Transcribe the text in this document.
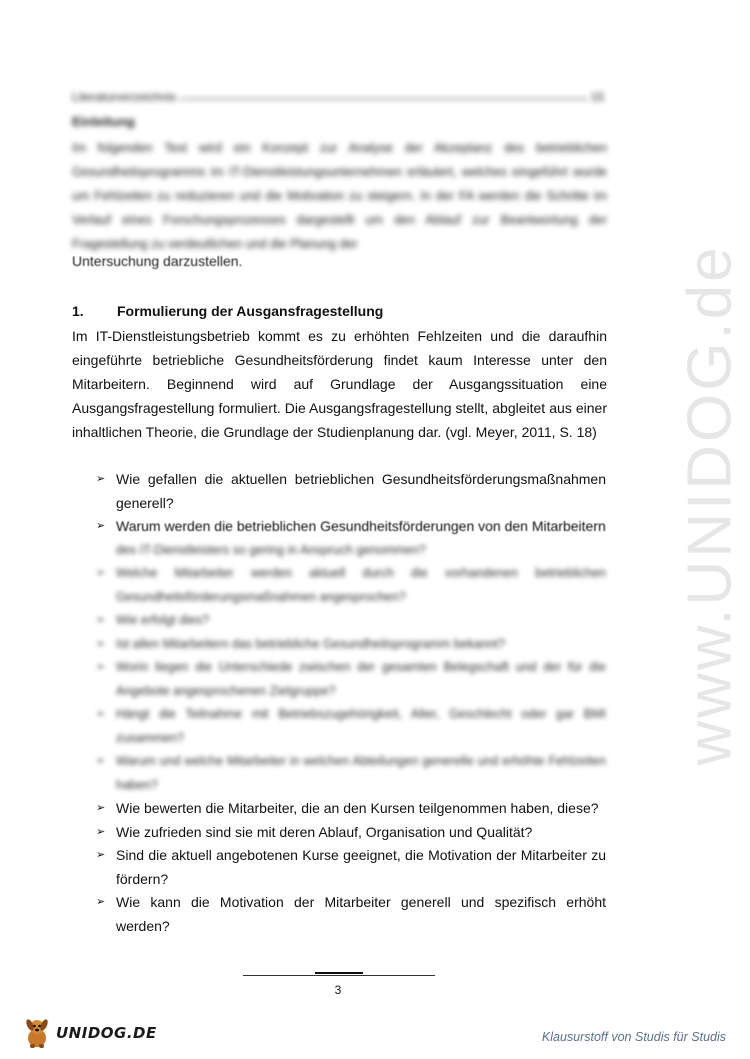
www.UNIDOG.de
Literaturverzeichnis	15
Einleitung
Im folgenden Text wird ein Konzept zur Analyse der Akzeptanz des betrieblichen Gesundheitsprogramms im IT-Dienstleistungsunternehmen erläutert, welches eingeführt wurde um Fehlzeiten zu reduzieren und die Motivation zu steigern. In der FA werden die Schritte im Verlauf eines Forschungsprozesses dargestellt um den Ablauf zur Beantwortung der Fragestellung zu verdeutlichen und die Planung der
Untersuchung darzustellen.
1.	Formulierung der Ausgansfragestellung
Im IT-Dienstleistungsbetrieb kommt es zu erhöhten Fehlzeiten und die daraufhin
eingeführte betriebliche Gesundheitsförderung findet kaum Interesse unter den
Mitarbeitern. Beginnend wird auf Grundlage der Ausgangssituation eine
Ausgangsfragestellung formuliert. Die Ausgangsfragestellung stellt, abgleitet aus einer
inhaltlichen Theorie, die Grundlage der Studienplanung dar. (vgl. Meyer, 2011, S. 18)
➢ Wie gefallen die aktuellen betrieblichen Gesundheitsförderungsmaßnahmen generell?
➢ Warum werden die betrieblichen Gesundheitsförderungen von den Mitarbeitern
des IT-Dienstleisters so gering in Anspruch genommen?
➢ Welche Mitarbeiter werden aktuell durch die vorhandenen betrieblichen Gesundheitsförderungsmaßnahmen angesprochen?
➢ Wie erfolgt dies?
➢ Ist allen Mitarbeitern das betriebliche Gesundheitsprogramm bekannt?
➢ Worin liegen die Unterschiede zwischen der gesamten Belegschaft und der für die Angebote angesprochenen Zielgruppe?
➢ Hängt die Teilnahme mit Betriebszugehörigkeit, Alter, Geschlecht oder gar BMI zusammen?
➢ Warum und welche Mitarbeiter in welchen Abteilungen generelle und erhöhte Fehlzeiten haben?
➢ Wie bewerten die Mitarbeiter, die an den Kursen teilgenommen haben, diese?
➢ Wie zufrieden sind sie mit deren Ablauf, Organisation und Qualität?
➢ Sind die aktuell angebotenen Kurse geeignet, die Motivation der Mitarbeiter zu fördern?
➢ Wie kann die Motivation der Mitarbeiter generell und spezifisch erhöht werden?
3
UNIDOG.DE	Klausurstoff von Studis für Studis
